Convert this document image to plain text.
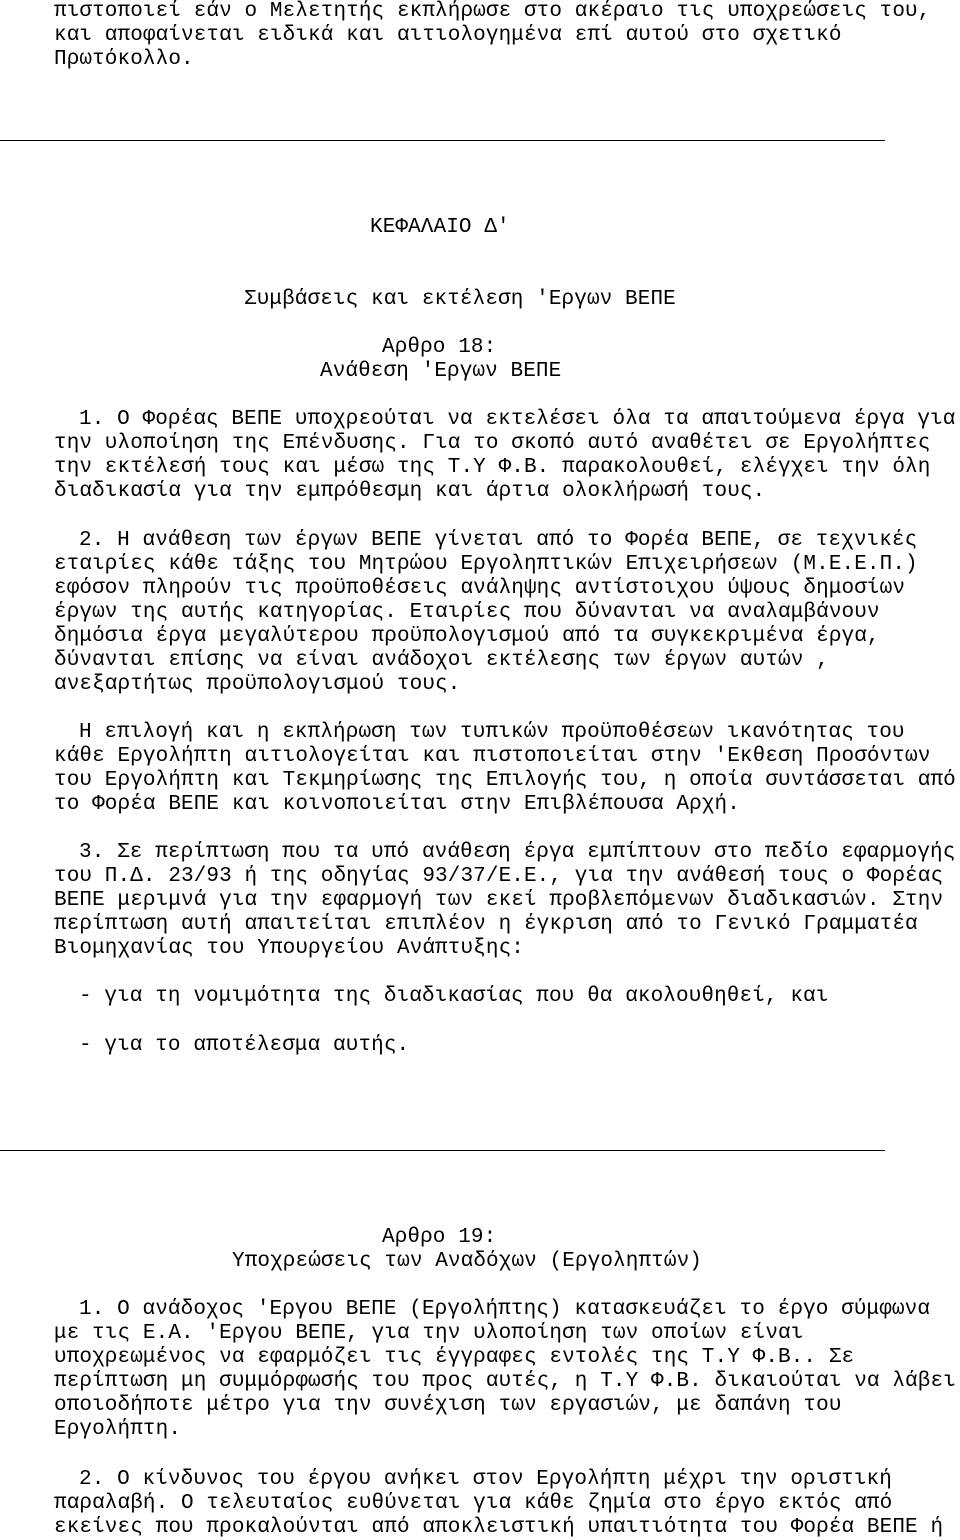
πιστοποιεί εάν ο Μελετητής εκπλήρωσε στο ακέραιο τις υποχρεώσεις του,
και αποφαίνεται ειδικά και αιτιολογημένα επί αυτού στο σχετικό
Πρωτόκολλο.
ΚΕΦΑΛΑΙΟ Δ'
Συμβάσεις και εκτέλεση 'Εργων ΒΕΠΕ
Αρθρο 18:
Ανάθεση 'Εργων ΒΕΠΕ
1. Ο Φορέας ΒΕΠΕ υποχρεούται να εκτελέσει όλα τα απαιτούμενα έργα για
την υλοποίηση της Επένδυσης. Για το σκοπό αυτό αναθέτει σε Εργολήπτες
την εκτέλεσή τους και μέσω της Τ.Υ Φ.Β. παρακολουθεί, ελέγχει την όλη
διαδικασία για την εμπρόθεσμη και άρτια ολοκλήρωσή τους.
2. Η ανάθεση των έργων ΒΕΠΕ γίνεται από το Φορέα ΒΕΠΕ, σε τεχνικές
εταιρίες κάθε τάξης του Μητρώου Εργοληπτικών Επιχειρήσεων (Μ.Ε.Ε.Π.)
εφόσον πληρούν τις προϋποθέσεις ανάληψης αντίστοιχου ύψους δημοσίων
έργων της αυτής κατηγορίας. Εταιρίες που δύνανται να αναλαμβάνουν
δημόσια έργα μεγαλύτερου προϋπολογισμού από τα συγκεκριμένα έργα,
δύνανται επίσης να είναι ανάδοχοι εκτέλεσης των έργων αυτών ,
ανεξαρτήτως προϋπολογισμού τους.
Η επιλογή και η εκπλήρωση των τυπικών προϋποθέσεων ικανότητας του
κάθε Εργολήπτη αιτιολογείται και πιστοποιείται στην 'Εκθεση Προσόντων
του Εργολήπτη και Τεκμηρίωσης της Επιλογής του, η οποία συντάσσεται από
το Φορέα ΒΕΠΕ και κοινοποιείται στην Επιβλέπουσα Αρχή.
3. Σε περίπτωση που τα υπό ανάθεση έργα εμπίπτουν στο πεδίο εφαρμογής
του Π.Δ. 23/93 ή της οδηγίας 93/37/Ε.Ε., για την ανάθεσή τους ο Φορέας
ΒΕΠΕ μεριμνά για την εφαρμογή των εκεί προβλεπόμενων διαδικασιών. Στην
περίπτωση αυτή απαιτείται επιπλέον η έγκριση από το Γενικό Γραμματέα
Βιομηχανίας του Υπουργείου Ανάπτυξης:
- για τη νομιμότητα της διαδικασίας που θα ακολουθηθεί, και
- για το αποτέλεσμα αυτής.
Αρθρο 19:
Υποχρεώσεις των Αναδόχων (Εργοληπτών)
1. Ο ανάδοχος 'Εργου ΒΕΠΕ (Εργολήπτης) κατασκευάζει το έργο σύμφωνα
με τις Ε.Α. 'Εργου ΒΕΠΕ, για την υλοποίηση των οποίων είναι
υποχρεωμένος να εφαρμόζει τις έγγραφες εντολές της Τ.Υ Φ.Β.. Σε
περίπτωση μη συμμόρφωσής του προς αυτές, η Τ.Υ Φ.Β. δικαιούται να λάβει
οποιοδήποτε μέτρο για την συνέχιση των εργασιών, με δαπάνη του
Εργολήπτη.
2. Ο κίνδυνος του έργου ανήκει στον Εργολήπτη μέχρι την οριστική
παραλαβή. Ο τελευταίος ευθύνεται για κάθε ζημία στο έργο εκτός από
εκείνες που προκαλούνται από αποκλειστική υπαιτιότητα του Φορέα ΒΕΠΕ ή
